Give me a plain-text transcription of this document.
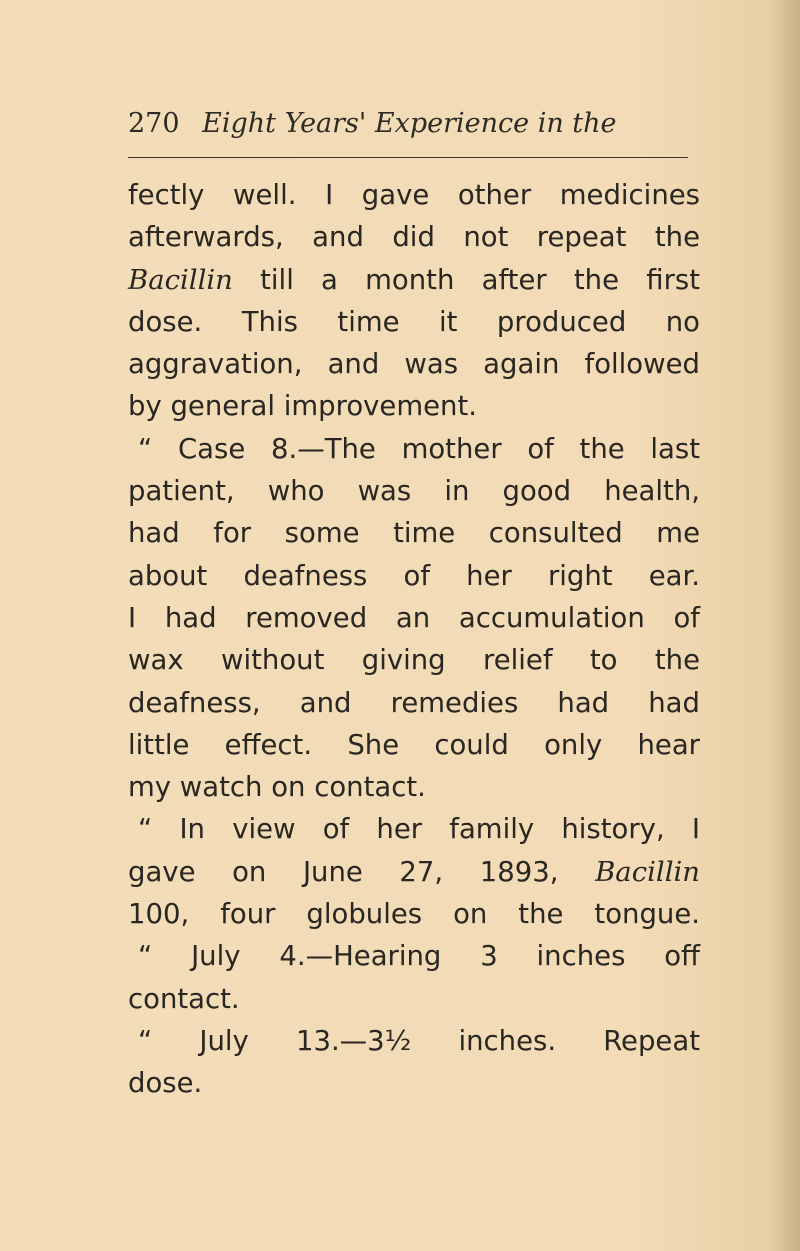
270 Eight Years' Experience in the
fectly well. I gave other medicines
afterwards, and did not repeat the
Bacillin till a month after the first
dose. This time it produced no
aggravation, and was again followed
by general improvement.
“ Case 8.—The mother of the last
patient, who was in good health,
had for some time consulted me
about deafness of her right ear.
I had removed an accumulation of
wax without giving relief to the
deafness, and remedies had had
little effect. She could only hear
my watch on contact.
“ In view of her family history, I
gave on June 27, 1893, Bacillin
100, four globules on the tongue.
“ July 4.—Hearing 3 inches off
contact.
“ July 13.—3½ inches. Repeat
dose.
